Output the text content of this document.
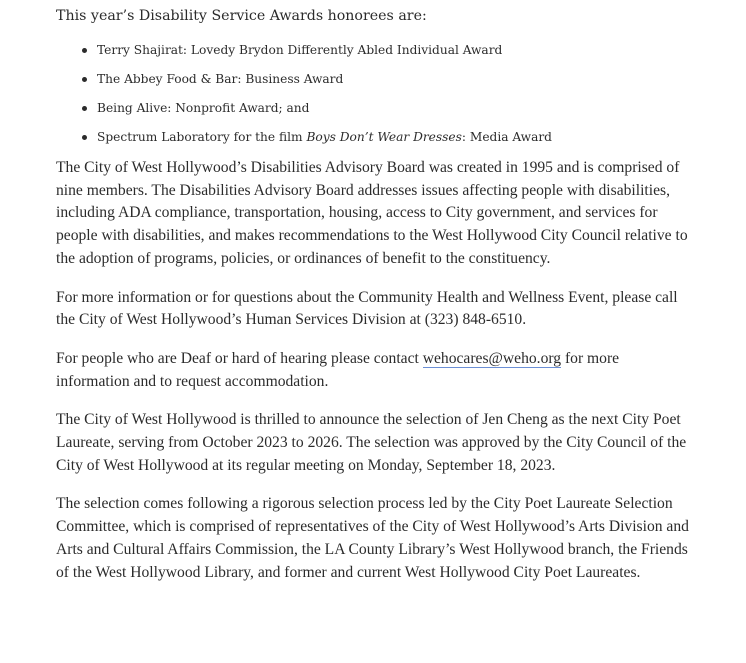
This year’s Disability Service Awards honorees are:

Terry Shajirat: Lovedy Brydon Differently Abled Individual Award
The Abbey Food & Bar: Business Award
Being Alive: Nonprofit Award; and
Spectrum Laboratory for the film Boys Don’t Wear Dresses: Media Award

The City of West Hollywood’s Disabilities Advisory Board was created in 1995 and is comprised of nine members. The Disabilities Advisory Board addresses issues affecting people with disabilities, including ADA compliance, transportation, housing, access to City government, and services for people with disabilities, and makes recommendations to the West Hollywood City Council relative to the adoption of programs, policies, or ordinances of benefit to the constituency.

For more information or for questions about the Community Health and Wellness Event, please call the City of West Hollywood’s Human Services Division at (323) 848-6510.

For people who are Deaf or hard of hearing please contact wehocares@weho.org for more information and to request accommodation.

The City of West Hollywood is thrilled to announce the selection of Jen Cheng as the next City Poet Laureate, serving from October 2023 to 2026. The selection was approved by the City Council of the City of West Hollywood at its regular meeting on Monday, September 18, 2023.

The selection comes following a rigorous selection process led by the City Poet Laureate Selection Committee, which is comprised of representatives of the City of West Hollywood’s Arts Division and Arts and Cultural Affairs Commission, the LA County Library’s West Hollywood branch, the Friends of the West Hollywood Library, and former and current West Hollywood City Poet Laureates.
